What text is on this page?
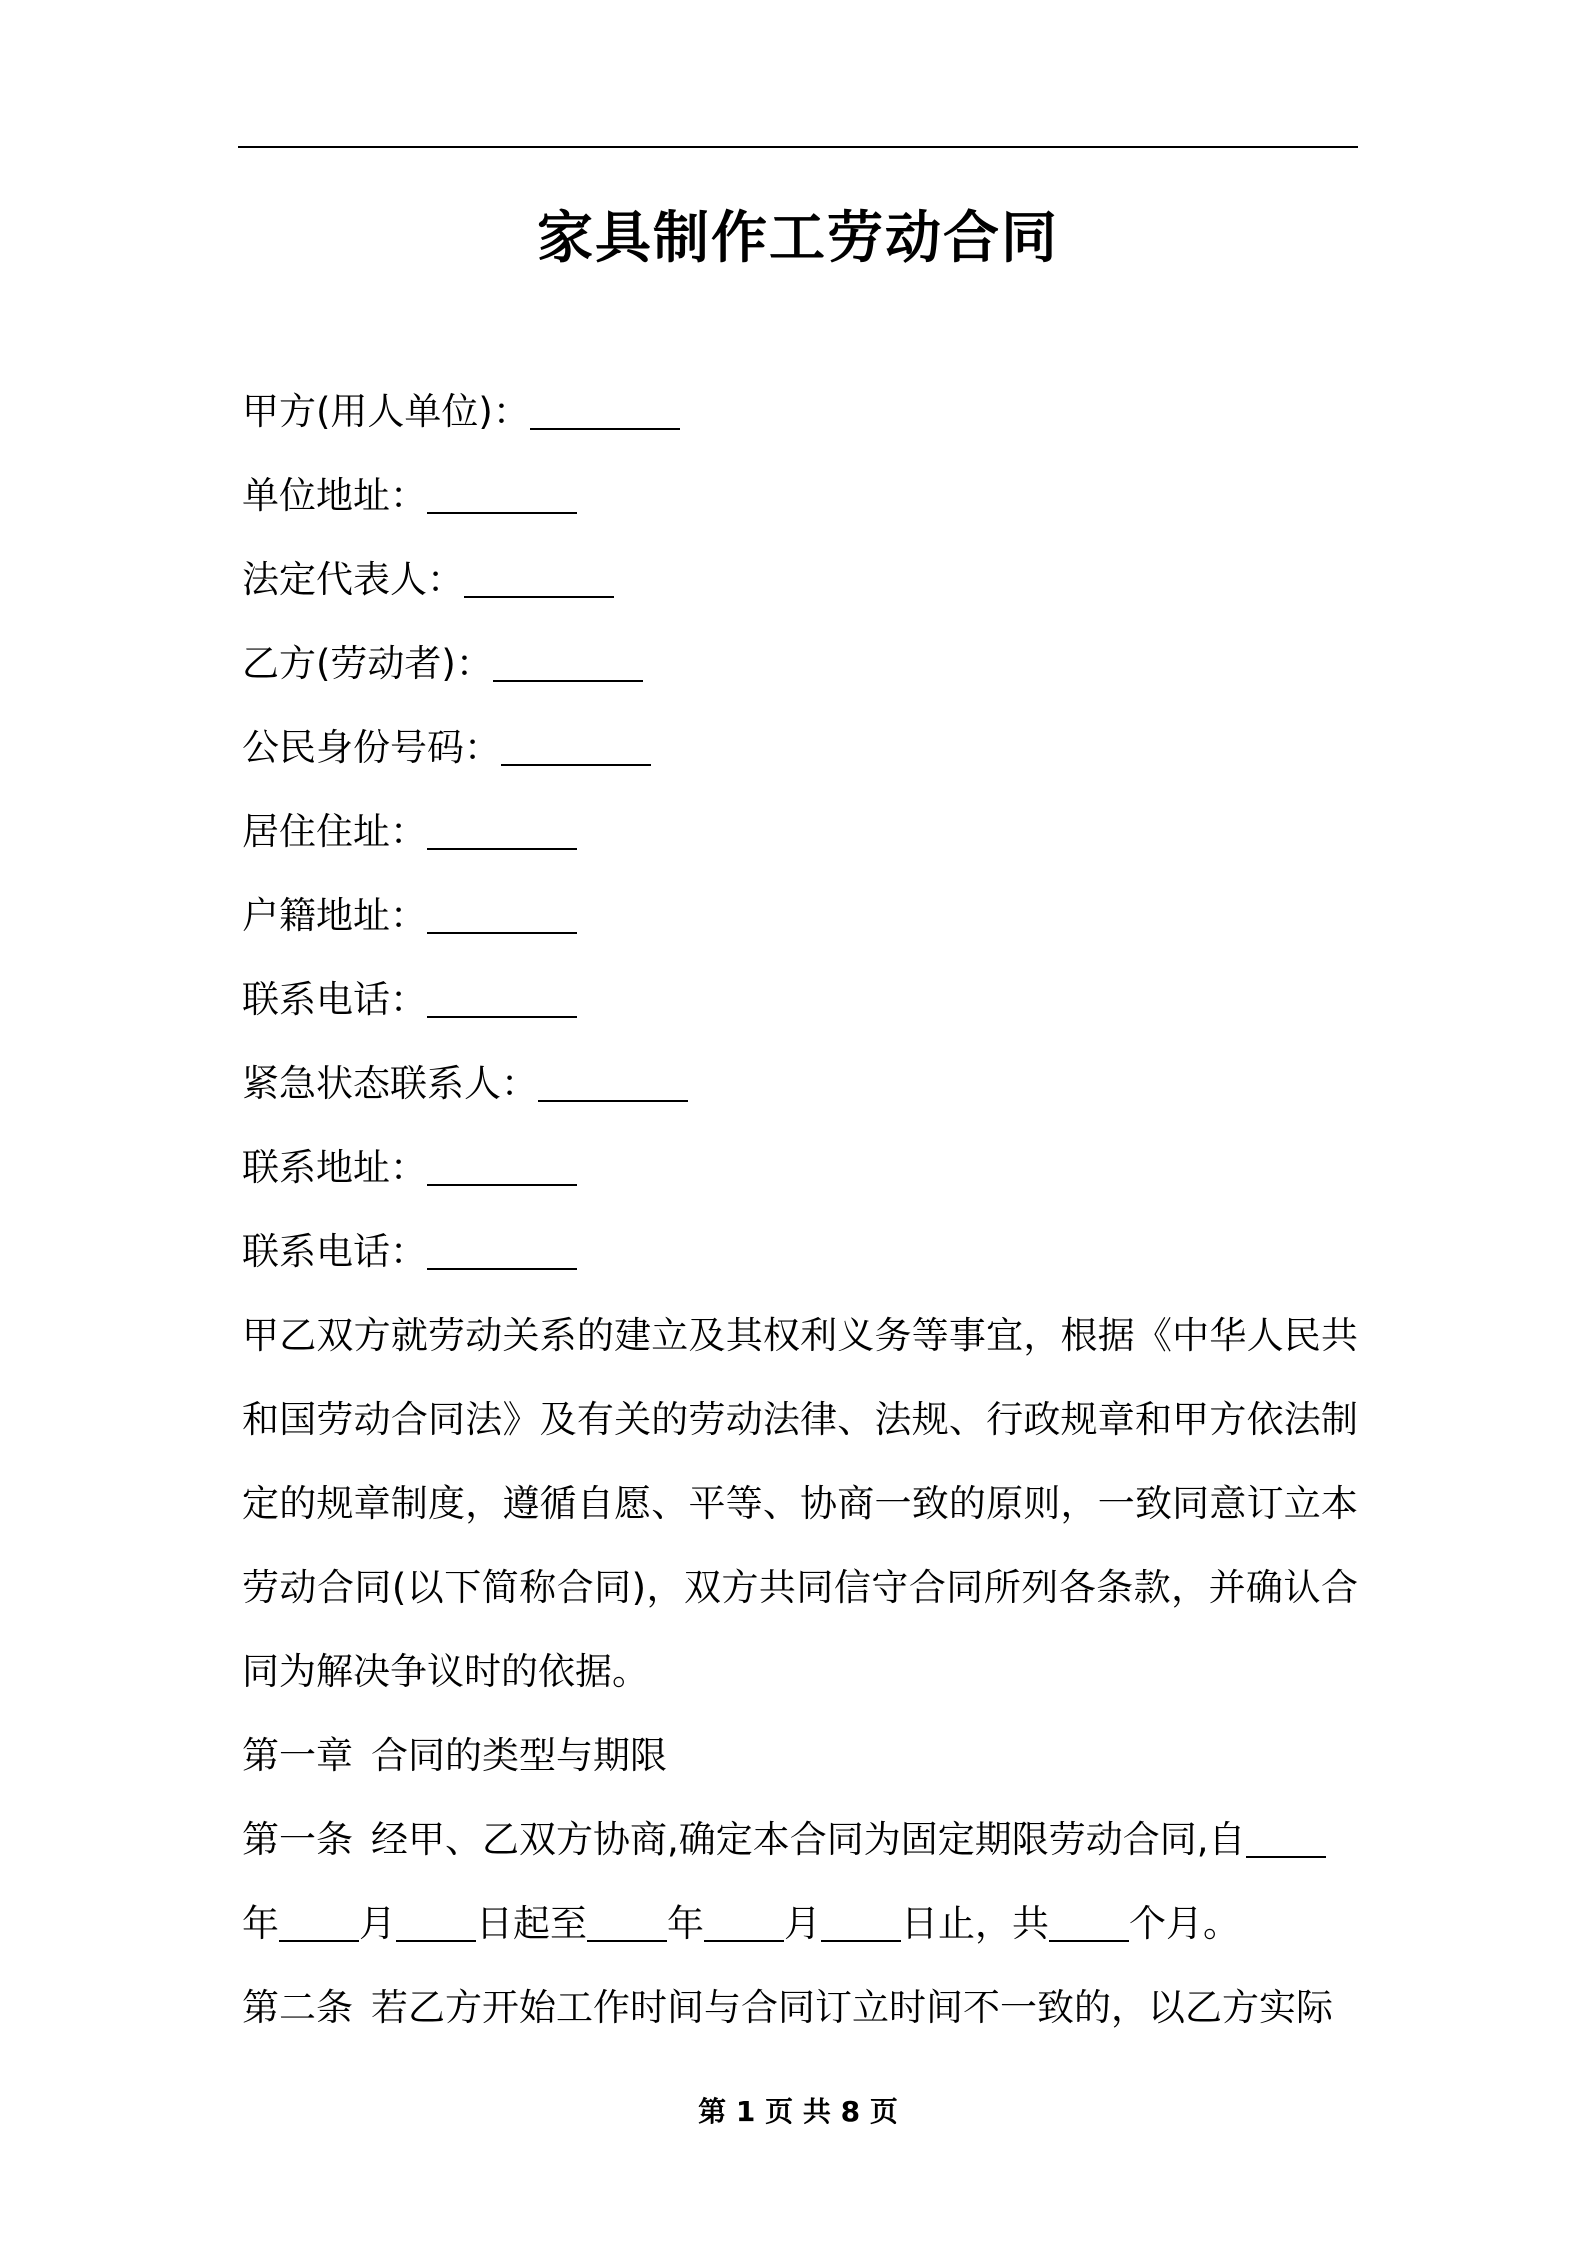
家具制作工劳动合同
甲方(用人单位)：
单位地址：
法定代表人：
乙方(劳动者)：
公民身份号码：
居住住址：
户籍地址：
联系电话：
紧急状态联系人：
联系地址：
联系电话：
甲乙双方就劳动关系的建立及其权利义务等事宜，根据《中华人民共
和国劳动合同法》及有关的劳动法律、法规、行政规章和甲方依法制
定的规章制度，遵循自愿、平等、协商一致的原则，一致同意订立本
劳动合同(以下简称合同)，双方共同信守合同所列各条款，并确认合
同为解决争议时的依据。
第一章 合同的类型与期限
第一条 经甲、乙双方协商,确定本合同为固定期限劳动合同,自
年 月 日起至 年 月 日止，共 个月。
第二条 若乙方开始工作时间与合同订立时间不一致的，以乙方实际
第 1 页 共 8 页
